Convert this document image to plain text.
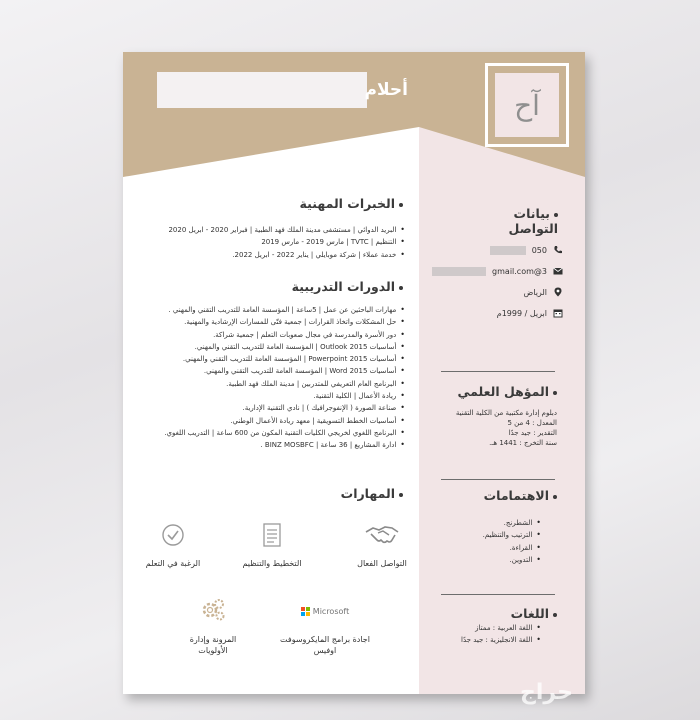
أحلام	آح
بيانات التواصل
050
3@gmail.com
الرياض
ابريل / 1999م
المؤهل العلمي
دبلوم إدارة مكتبية من الكلية التقنية
المعدل : 4 من 5
التقدير : جيد جدًا
سنة التخرج : 1441 هـ.
الاهتمامات
• الشطرنج.
• الترتيب والتنظيم.
• القراءة.
• التدوين.
اللغات
• اللغة العربية : ممتاز
• اللغة الانجليزية : جيد جدًا
الخبرات المهنية
• البريد الدوائي | مستشفى مدينة الملك فهد الطبية | فبراير 2020 - ابريل 2020
• التنظيم | TVTC | مارس 2019 - مارس 2019
• خدمة عملاء | شركة موبايلي | يناير 2022 - ابريل 2022.
الدورات التدريبية
• مهارات الباحثين عن عمل | 5ساعة | المؤسسة العامة للتدريب التقني والمهني .
• حل المشكلات واتخاذ القرارات | جمعية فتّى للمسارات الإرشادية والمهنية.
• دور الأسرة والمدرسة في مجال صعوبات التعلم | جمعية شراكة.
• أساسيات Outlook 2015 | المؤسسة العامة للتدريب التقني والمهني.
• أساسيات Powerpoint 2015 | المؤسسة العامة للتدريب التقني والمهني.
• أساسيات Word 2015 | المؤسسة العامة للتدريب التقني والمهني.
• البرنامج العام التعريفي للمتدربين | مدينة الملك فهد الطبية.
• ريادة الأعمال | الكلية التقنية.
• صناعة الصورة ( الإنفوجرافيك ) | نادي التقنية الإدارية.
• أساسيات الخطط التسويقية | معهد ريادة الأعمال الوطني.
• البرنامج اللغوي لخريجي الكليات التقنية المكون من 600 ساعة | التدريب اللغوي.
• ادارة المشاريع | 36 ساعة | BINZ MOSBFC .
المهارات
التواصل الفعال
التخطيط والتنظيم
الرغبة في التعلم
Microsoft
اجادة برامج المايكروسوفت اوفيس
المرونة وإدارة الأولويات
حراج
